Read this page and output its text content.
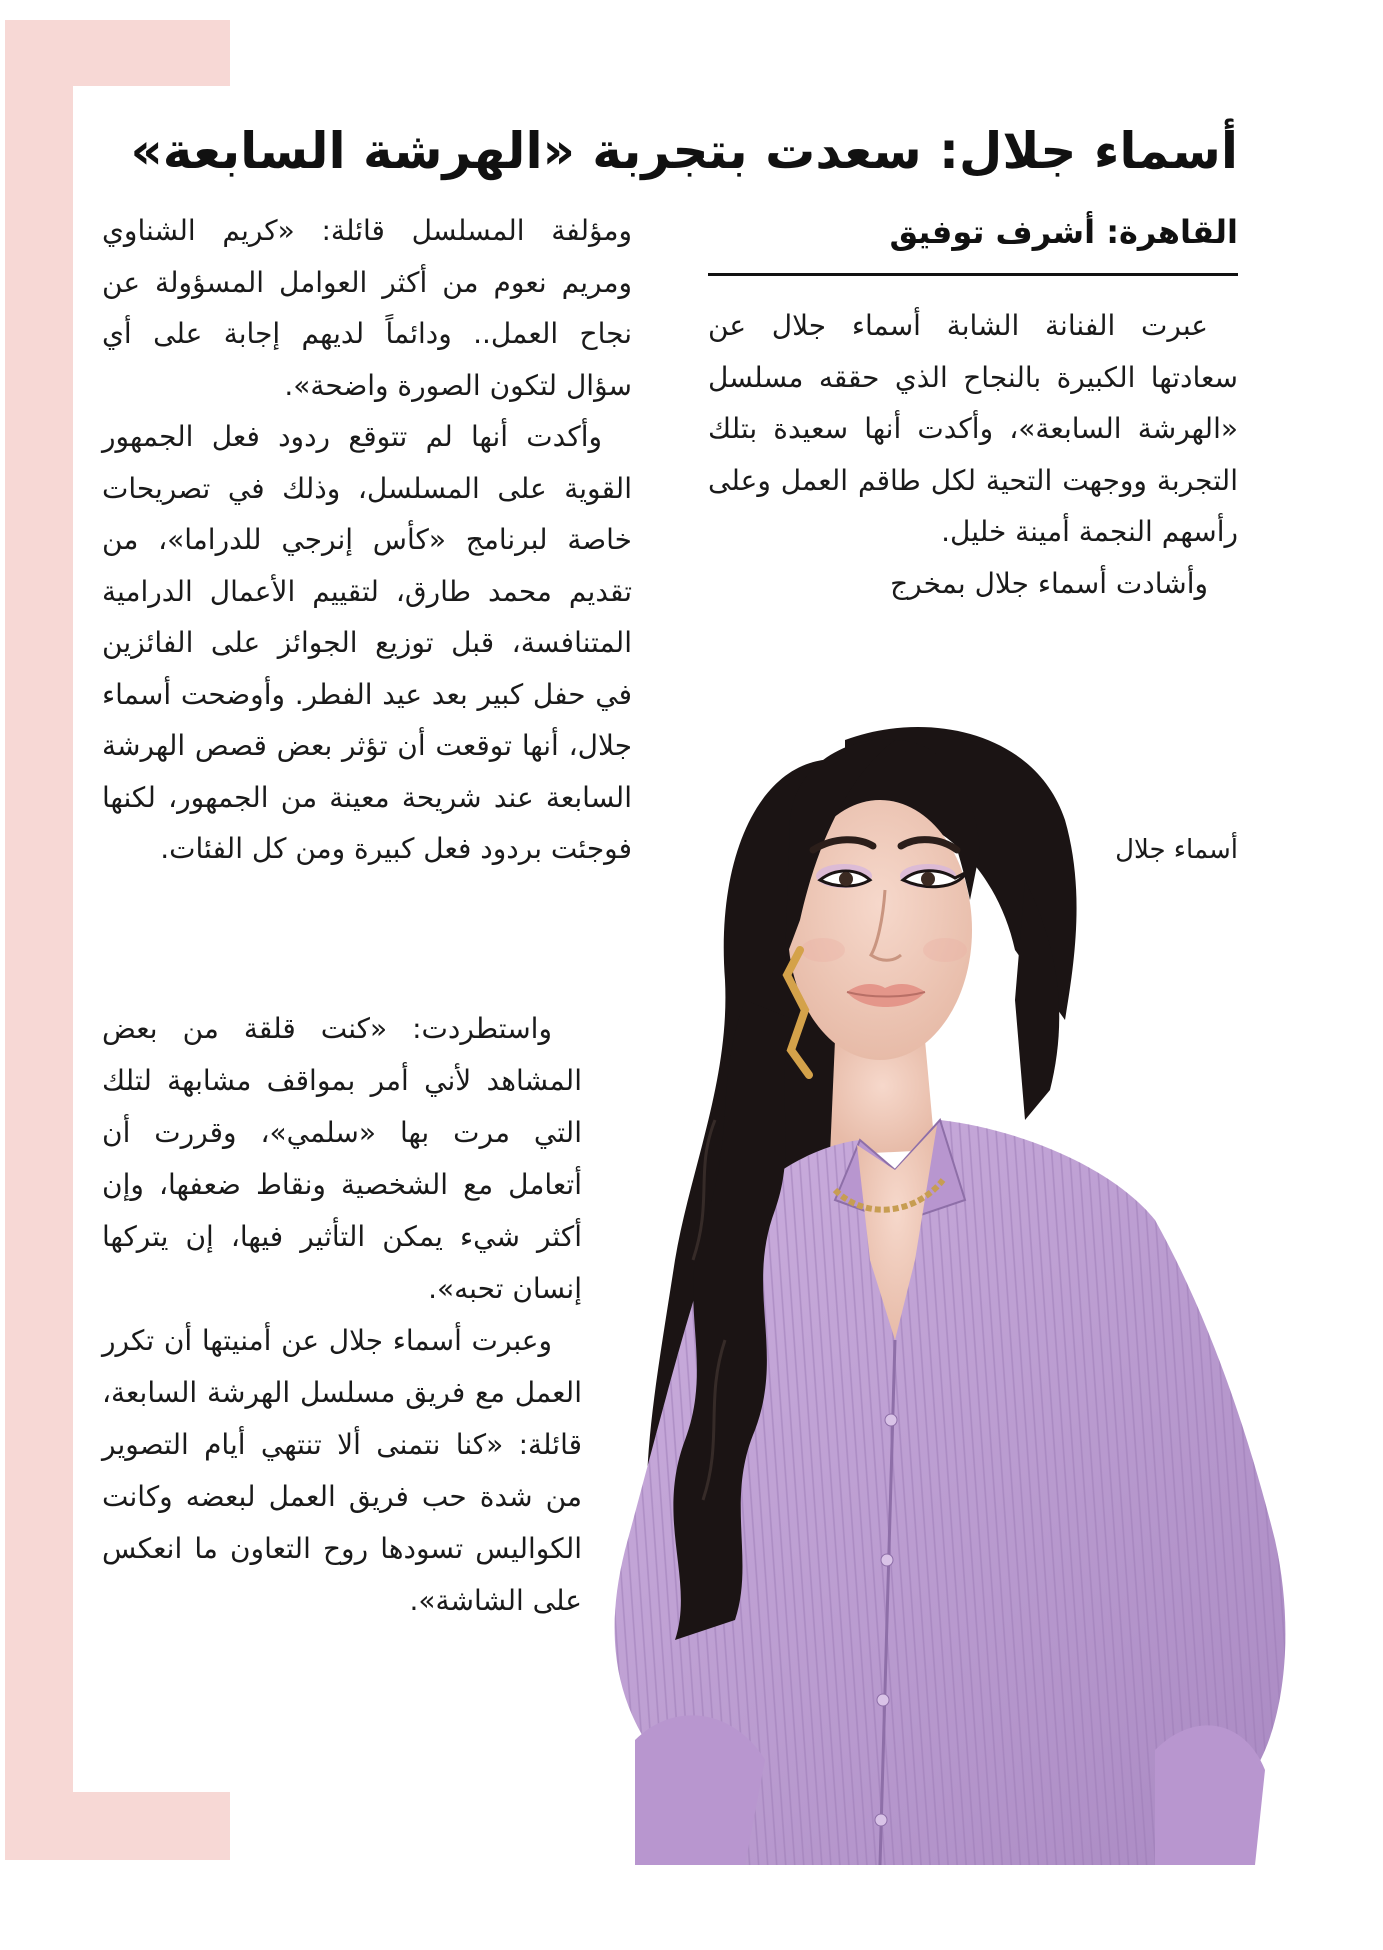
أسماء جلال: سعدت بتجربة «الهرشة السابعة»
القاهرة: أشرف توفيق

عبرت الفنانة الشابة أسماء جلال عن سعادتها الكبيرة بالنجاح الذي حققه مسلسل «الهرشة السابعة»، وأكدت أنها سعيدة بتلك التجربة ووجهت التحية لكل طاقم العمل وعلى رأسهم النجمة أمينة خليل.

وأشادت أسماء جلال بمخرج

أسماء جلال

ومؤلفة المسلسل قائلة: «كريم الشناوي ومريم نعوم من أكثر العوامل المسؤولة عن نجاح العمل.. ودائماً لديهم إجابة على أي سؤال لتكون الصورة واضحة».

وأكدت أنها لم تتوقع ردود فعل الجمهور القوية على المسلسل، وذلك في تصريحات خاصة لبرنامج «كأس إنرجي للدراما»، من تقديم محمد طارق، لتقييم الأعمال الدرامية المتنافسة، قبل توزيع الجوائز على الفائزين في حفل كبير بعد عيد الفطر. وأوضحت أسماء جلال، أنها توقعت أن تؤثر بعض قصص الهرشة السابعة عند شريحة معينة من الجمهور، لكنها فوجئت بردود فعل كبيرة ومن كل الفئات.

واستطردت: «كنت قلقة من بعض المشاهد لأني أمر بمواقف مشابهة لتلك التي مرت بها «سلمي»، وقررت أن أتعامل مع الشخصية ونقاط ضعفها، وإن أكثر شيء يمكن التأثير فيها، إن يتركها إنسان تحبه».

وعبرت أسماء جلال عن أمنيتها أن تكرر العمل مع فريق مسلسل الهرشة السابعة، قائلة: «كنا نتمنى ألا تنتهي أيام التصوير من شدة حب فريق العمل لبعضه وكانت الكواليس تسودها روح التعاون ما انعكس على الشاشة».
